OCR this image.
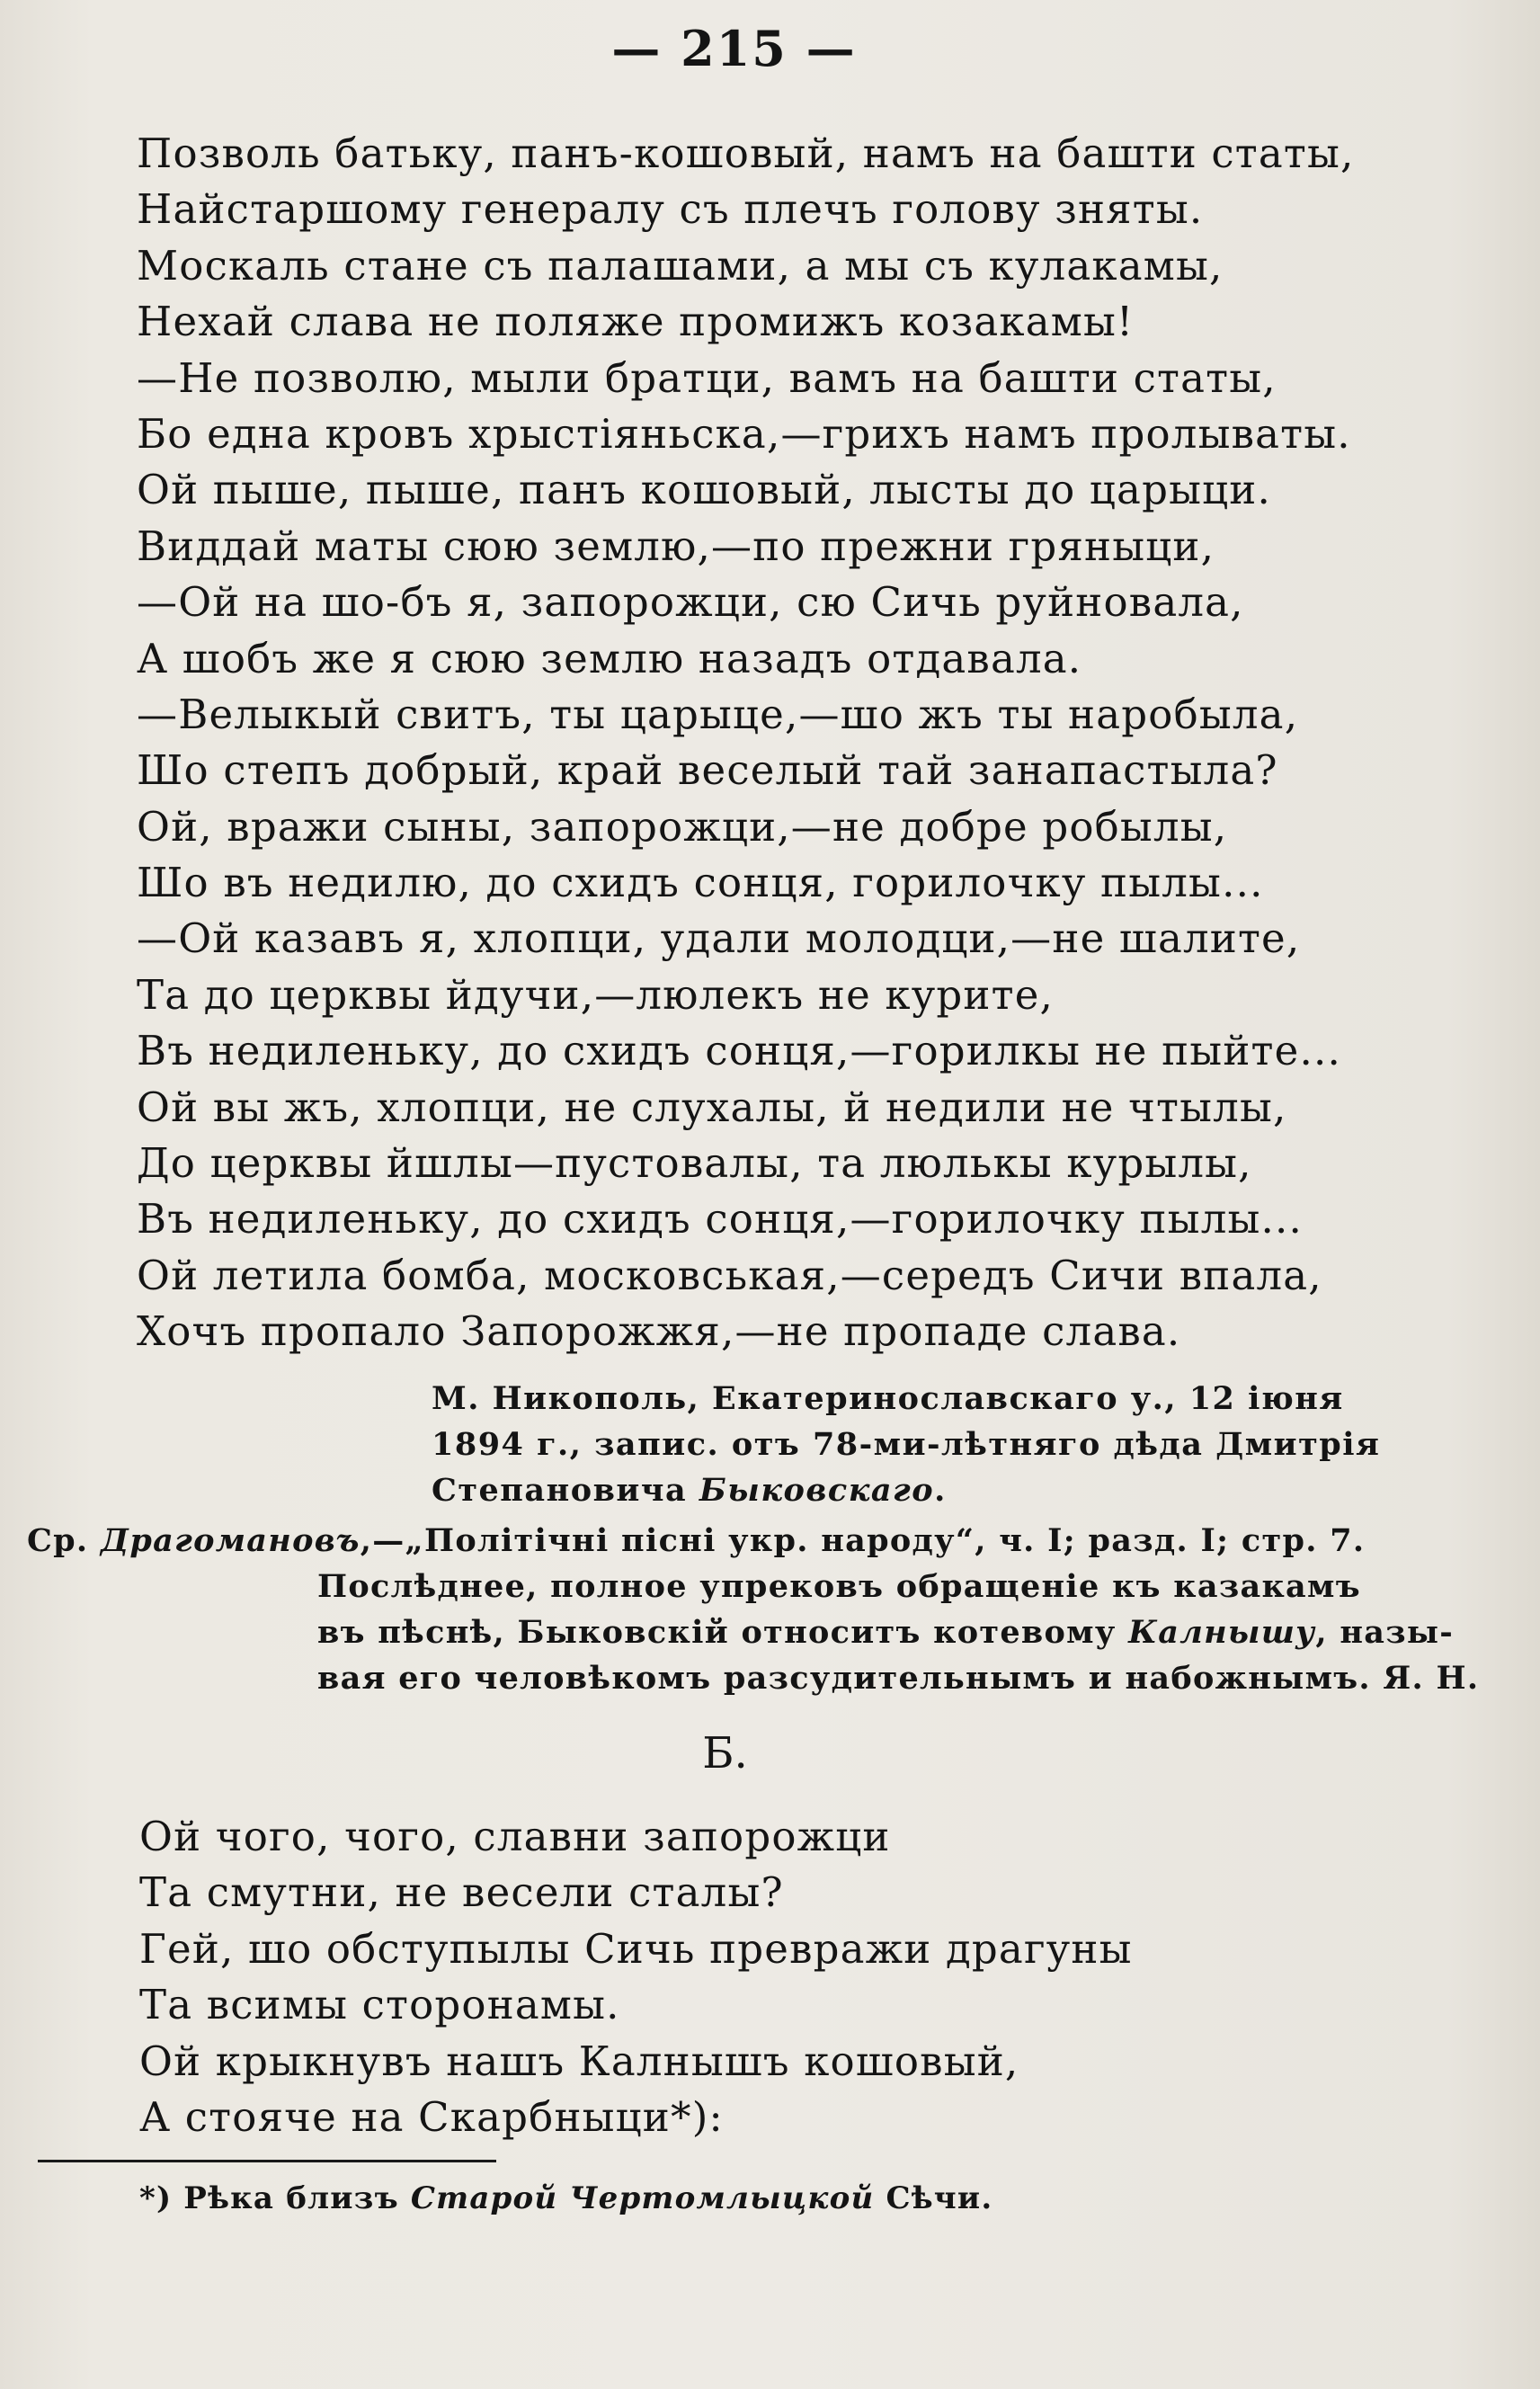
— 215 —
Позволь батьку, панъ-кошовый, намъ на башти статы,
Найстаршому генералу съ плечъ голову зняты.
Москаль стане съ палашами, а мы съ кулакамы,
Нехай слава не поляже промижъ козакамы!
—Не позволю, мыли братци, вамъ на башти статы,
Бо една кровъ хрыстіяньска,—грихъ намъ пролываты.
Ой пыше, пыше, панъ кошовый, лысты до царыци.
Виддай маты сюю землю,—по прежни гряныци,
—Ой на шо-бъ я, запорожци, сю Сичь руйновала,
А шобъ же я сюю землю назадъ отдавала.
—Велыкый свитъ, ты царыце,—шо жъ ты наробыла,
Шо степъ добрый, край веселый тай занапастыла?
Ой, вражи сыны, запорожци,—не добре робылы,
Шо въ недилю, до схидъ сонця, горилочку пылы...
—Ой казавъ я, хлопци, удали молодци,—не шалите,
Та до церквы йдучи,—люлекъ не курите,
Въ недиленьку, до схидъ сонця,—горилкы не пыйте...
Ой вы жъ, хлопци, не слухалы, й недили не чтылы,
До церквы йшлы—пустовалы, та люлькы курылы,
Въ недиленьку, до схидъ сонця,—горилочку пылы...
Ой летила бомба, московськая,—середъ Сичи впала,
Хочъ пропало Запорожжя,—не пропаде слава.
М. Никополь, Екатеринославскаго у., 12 іюня
1894 г., запис. отъ 78-ми-лѣтняго дѣда Дмитрія
Степановича Быковскаго.
Ср. Драгомановъ,—„Політічні пісні укр. народу“, ч. І; разд. І; стр. 7.
Послѣднее, полное упрековъ обращеніе къ казакамъ
въ пѣснѣ, Быковскій относитъ котевому Калнышу, назы-
вая его человѣкомъ разсудительнымъ и набожнымъ. Я. Н.
Б.
Ой чого, чого, славни запорожци
Та смутни, не весели сталы?
Гей, шо обступылы Сичь превражи драгуны
Та всимы сторонамы.
Ой крыкнувъ нашъ Калнышъ кошовый,
А стояче на Скарбныци*):
*) Рѣка близъ Старой Чертомлыцкой Сѣчи.
